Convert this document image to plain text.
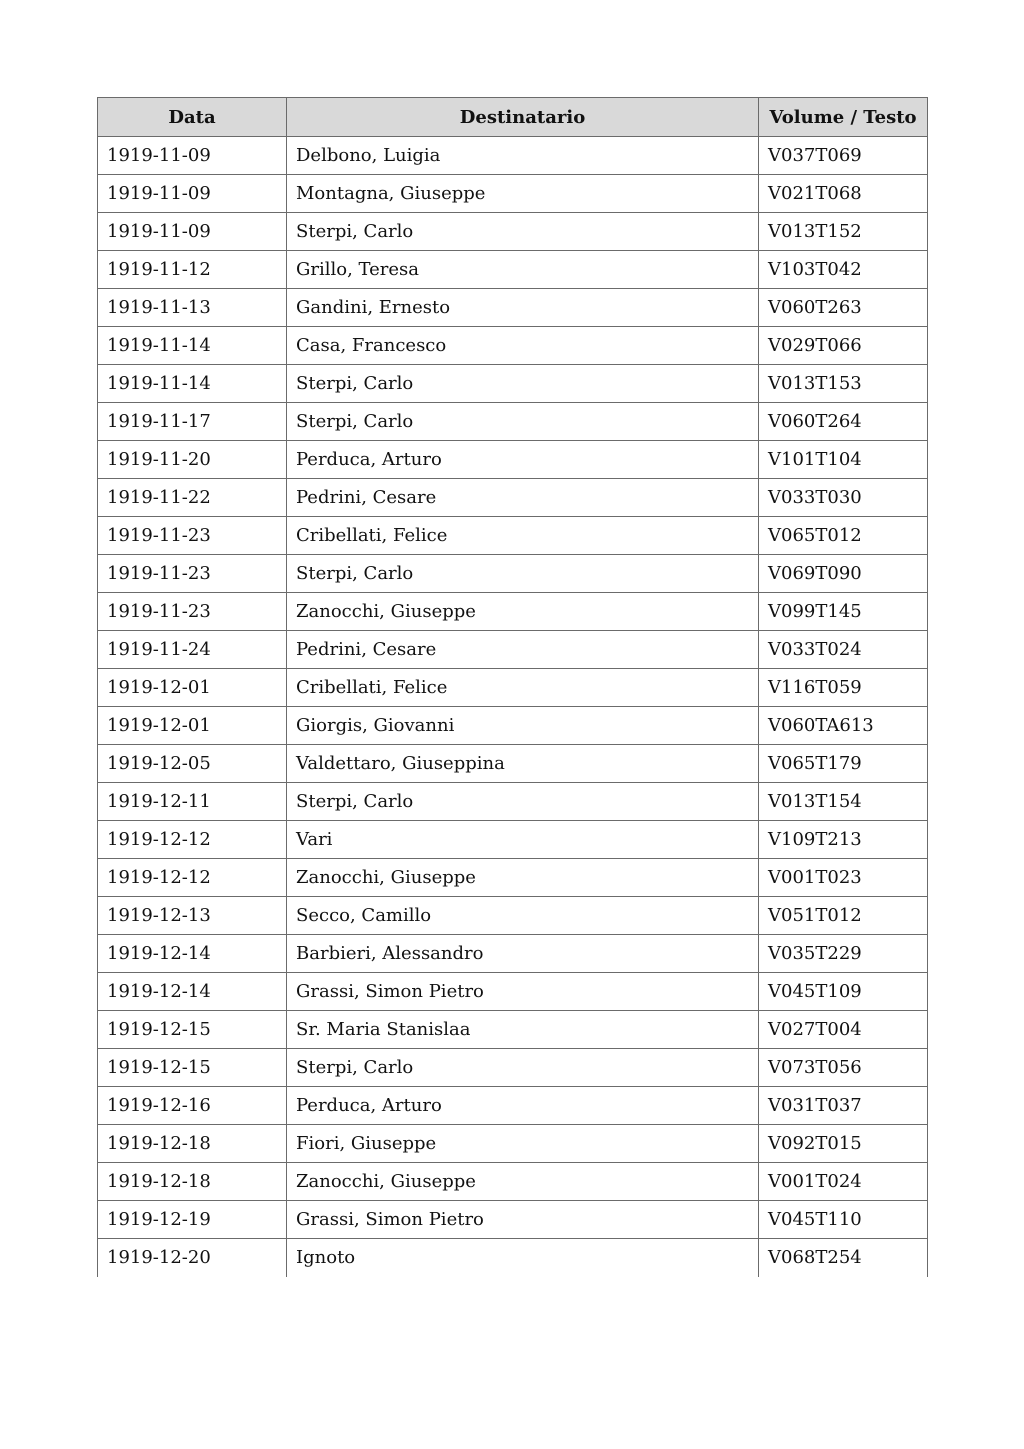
Data	Destinatario	Volume / Testo
1919-11-09	Delbono, Luigia	V037T069
1919-11-09	Montagna, Giuseppe	V021T068
1919-11-09	Sterpi, Carlo	V013T152
1919-11-12	Grillo, Teresa	V103T042
1919-11-13	Gandini, Ernesto	V060T263
1919-11-14	Casa, Francesco	V029T066
1919-11-14	Sterpi, Carlo	V013T153
1919-11-17	Sterpi, Carlo	V060T264
1919-11-20	Perduca, Arturo	V101T104
1919-11-22	Pedrini, Cesare	V033T030
1919-11-23	Cribellati, Felice	V065T012
1919-11-23	Sterpi, Carlo	V069T090
1919-11-23	Zanocchi, Giuseppe	V099T145
1919-11-24	Pedrini, Cesare	V033T024
1919-12-01	Cribellati, Felice	V116T059
1919-12-01	Giorgis, Giovanni	V060TA613
1919-12-05	Valdettaro, Giuseppina	V065T179
1919-12-11	Sterpi, Carlo	V013T154
1919-12-12	Vari	V109T213
1919-12-12	Zanocchi, Giuseppe	V001T023
1919-12-13	Secco, Camillo	V051T012
1919-12-14	Barbieri, Alessandro	V035T229
1919-12-14	Grassi, Simon Pietro	V045T109
1919-12-15	Sr. Maria Stanislaa	V027T004
1919-12-15	Sterpi, Carlo	V073T056
1919-12-16	Perduca, Arturo	V031T037
1919-12-18	Fiori, Giuseppe	V092T015
1919-12-18	Zanocchi, Giuseppe	V001T024
1919-12-19	Grassi, Simon Pietro	V045T110
1919-12-20	Ignoto	V068T254
